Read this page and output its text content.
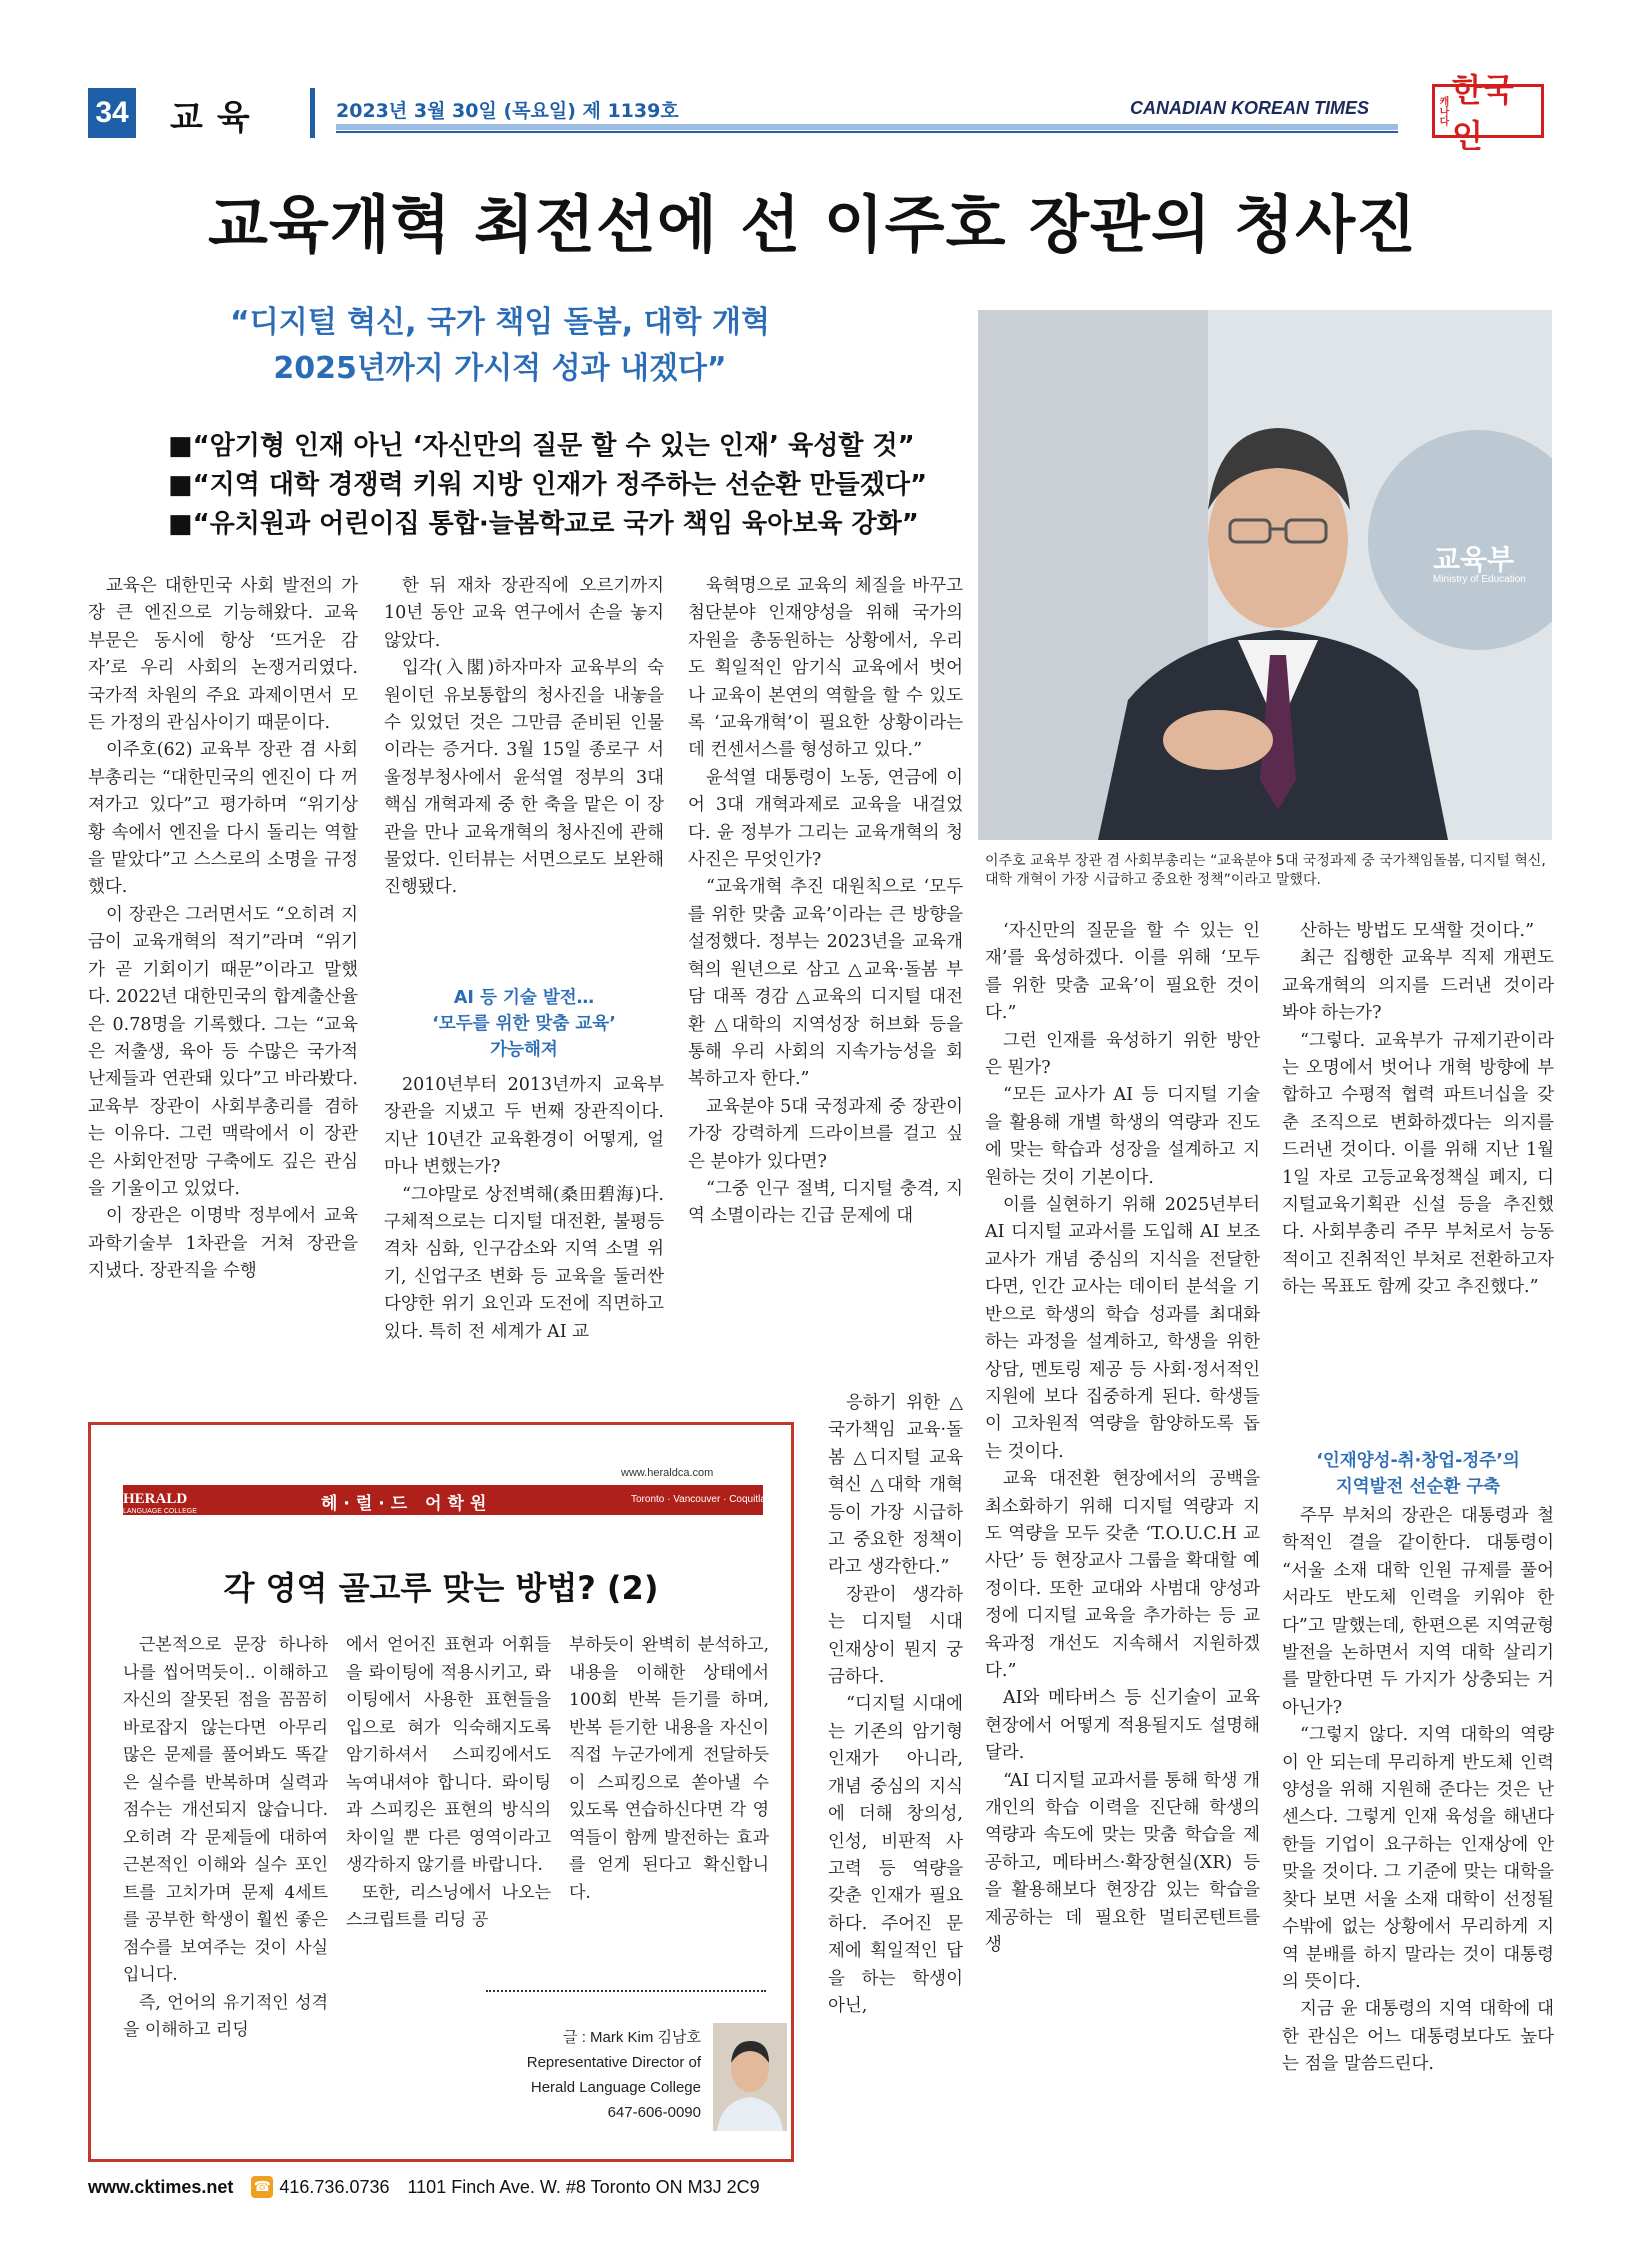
34 교육	2023년 3월 30일 (목요일) 제 1139호	CANADIAN KOREAN TIMES	캐나다
한국인
교육개혁 최전선에 선 이주호 장관의 청사진
“디지털 혁신, 국가 책임 돌봄, 대학 개혁
2025년까지 가시적 성과 내겠다”
■“암기형 인재 아닌 ‘자신만의 질문 할 수 있는 인재’ 육성할 것”
■“지역 대학 경쟁력 키워 지방 인재가 정주하는 선순환 만들겠다”
■“유치원과 어린이집 통합·늘봄학교로 국가 책임 육아보육 강화”
교육부
Ministry of Education
이주호 교육부 장관 겸 사회부총리는 “교육분야 5대 국정과제 중 국가책임돌봄, 디지털 혁신, 대학 개혁이 가장 시급하고 중요한 정책”이라고 말했다.

교육은 대한민국 사회 발전의 가장 큰 엔진으로 기능해왔다. 교육 부문은 동시에 항상 ‘뜨거운 감자’로 우리 사회의 논쟁거리였다. 국가적 차원의 주요 과제이면서 모든 가정의 관심사이기 때문이다.

이주호(62) 교육부 장관 겸 사회부총리는 “대한민국의 엔진이 다 꺼져가고 있다”고 평가하며 “위기상황 속에서 엔진을 다시 돌리는 역할을 맡았다”고 스스로의 소명을 규정했다.

이 장관은 그러면서도 “오히려 지금이 교육개혁의 적기”라며 “위기가 곧 기회이기 때문”이라고 말했다. 2022년 대한민국의 합계출산율은 0.78명을 기록했다. 그는 “교육은 저출생, 육아 등 수많은 국가적 난제들과 연관돼 있다”고 바라봤다. 교육부 장관이 사회부총리를 겸하는 이유다. 그런 맥락에서 이 장관은 사회안전망 구축에도 깊은 관심을 기울이고 있었다.

이 장관은 이명박 정부에서 교육과학기술부 1차관을 거쳐 장관을 지냈다. 장관직을 수행

한 뒤 재차 장관직에 오르기까지 10년 동안 교육 연구에서 손을 놓지 않았다.

입각(入閣)하자마자 교육부의 숙원이던 유보통합의 청사진을 내놓을 수 있었던 것은 그만큼 준비된 인물이라는 증거다. 3월 15일 종로구 서울정부청사에서 윤석열 정부의 3대 핵심 개혁과제 중 한 축을 맡은 이 장관을 만나 교육개혁의 청사진에 관해 물었다. 인터뷰는 서면으로도 보완해 진행됐다.

AI 등 기술 발전…
‘모두를 위한 맞춤 교육’
가능해져

2010년부터 2013년까지 교육부 장관을 지냈고 두 번째 장관직이다. 지난 10년간 교육환경이 어떻게, 얼마나 변했는가?

“그야말로 상전벽해(桑田碧海)다. 구체적으로는 디지털 대전환, 불평등 격차 심화, 인구감소와 지역 소멸 위기, 신업구조 변화 등 교육을 둘러싼 다양한 위기 요인과 도전에 직면하고 있다. 특히 전 세계가 AI 교

육혁명으로 교육의 체질을 바꾸고 첨단분야 인재양성을 위해 국가의 자원을 총동원하는 상황에서, 우리도 획일적인 암기식 교육에서 벗어나 교육이 본연의 역할을 할 수 있도록 ‘교육개혁’이 필요한 상황이라는 데 컨센서스를 형성하고 있다.”

윤석열 대통령이 노동, 연금에 이어 3대 개혁과제로 교육을 내걸었다. 윤 정부가 그리는 교육개혁의 청사진은 무엇인가?

“교육개혁 추진 대원칙으로 ‘모두를 위한 맞춤 교육’이라는 큰 방향을 설정했다. 정부는 2023년을 교육개혁의 원년으로 삼고 △교육·돌봄 부담 대폭 경감 △교육의 디지털 대전환 △대학의 지역성장 허브화 등을 통해 우리 사회의 지속가능성을 회복하고자 한다.”

교육분야 5대 국정과제 중 장관이 가장 강력하게 드라이브를 걸고 싶은 분야가 있다면?

“그중 인구 절벽, 디지털 충격, 지역 소멸이라는 긴급 문제에 대

응하기 위한 △국가책임 교육·돌봄 △디지털 교육혁신 △대학 개혁 등이 가장 시급하고 중요한 정책이라고 생각한다.”

장관이 생각하는 디지털 시대 인재상이 뭔지 궁금하다.

“디지털 시대에는 기존의 암기형 인재가 아니라, 개념 중심의 지식에 더해 창의성, 인성, 비판적 사고력 등 역량을 갖춘 인재가 필요하다. 주어진 문제에 획일적인 답을 하는 학생이 아닌,

‘자신만의 질문을 할 수 있는 인재’를 육성하겠다. 이를 위해 ‘모두를 위한 맞춤 교육’이 필요한 것이다.”

그런 인재를 육성하기 위한 방안은 뭔가?

“모든 교사가 AI 등 디지털 기술을 활용해 개별 학생의 역량과 진도에 맞는 학습과 성장을 설계하고 지원하는 것이 기본이다.

이를 실현하기 위해 2025년부터 AI 디지털 교과서를 도입해 AI 보조교사가 개념 중심의 지식을 전달한다면, 인간 교사는 데이터 분석을 기반으로 학생의 학습 성과를 최대화하는 과정을 설계하고, 학생을 위한 상담, 멘토링 제공 등 사회·정서적인 지원에 보다 집중하게 된다. 학생들이 고차원적 역량을 함양하도록 돕는 것이다.

교육 대전환 현장에서의 공백을 최소화하기 위해 디지털 역량과 지도 역량을 모두 갖춘 ‘T.O.U.C.H 교사단’ 등 현장교사 그룹을 확대할 예정이다. 또한 교대와 사범대 양성과정에 디지털 교육을 추가하는 등 교육과정 개선도 지속해서 지원하겠다.”

AI와 메타버스 등 신기술이 교육 현장에서 어떻게 적용될지도 설명해달라.

“AI 디지털 교과서를 통해 학생 개개인의 학습 이력을 진단해 학생의 역량과 속도에 맞는 맞춤 학습을 제공하고, 메타버스·확장현실(XR) 등을 활용해보다 현장감 있는 학습을 제공하는 데 필요한 멀티콘텐트를 생

산하는 방법도 모색할 것이다.”

최근 집행한 교육부 직제 개편도 교육개혁의 의지를 드러낸 것이라 봐야 하는가?

“그렇다. 교육부가 규제기관이라는 오명에서 벗어나 개혁 방향에 부합하고 수평적 협력 파트너십을 갖춘 조직으로 변화하겠다는 의지를 드러낸 것이다. 이를 위해 지난 1월 1일 자로 고등교육정책실 폐지, 디지털교육기획관 신설 등을 추진했다. 사회부총리 주무 부처로서 능동적이고 진취적인 부처로 전환하고자 하는 목표도 함께 갖고 추진했다.”

‘인재양성-취·창업-정주’의
지역발전 선순환 구축

주무 부처의 장관은 대통령과 철학적인 결을 같이한다. 대통령이 “서울 소재 대학 인원 규제를 풀어서라도 반도체 인력을 키워야 한다”고 말했는데, 한편으론 지역균형발전을 논하면서 지역 대학 살리기를 말한다면 두 가지가 상충되는 거 아닌가?

“그렇지 않다. 지역 대학의 역량이 안 되는데 무리하게 반도체 인력 양성을 위해 지원해 준다는 것은 난센스다. 그렇게 인재 육성을 해낸다 한들 기업이 요구하는 인재상에 안 맞을 것이다. 그 기준에 맞는 대학을 찾다 보면 서울 소재 대학이 선정될 수밖에 없는 상황에서 무리하게 지역 분배를 하지 말라는 것이 대통령의 뜻이다.

지금 윤 대통령의 지역 대학에 대한 관심은 어느 대통령보다도 높다는 점을 말씀드린다.

www.heraldca.com
HERALD
LANGUAGE COLLEGE	헤·럴·드 어학원	Toronto · Vancouver · Coquitlam
각 영역 골고루 맞는 방법? (2)

근본적으로 문장 하나하나를 씹어먹듯이.. 이해하고 자신의 잘못된 점을 꼼꼼히 바로잡지 않는다면 아무리 많은 문제를 풀어봐도 똑같은 실수를 반복하며 실력과 점수는 개선되지 않습니다. 오히려 각 문제들에 대하여 근본적인 이해와 실수 포인트를 고치가며 문제 4세트를 공부한 학생이 훨씬 좋은 점수를 보여주는 것이 사실입니다.

즉, 언어의 유기적인 성격을 이해하고 리딩

에서 얻어진 표현과 어휘들을 롸이팅에 적용시키고, 롸이팅에서 사용한 표현들을 입으로 혀가 익숙해지도록 암기하셔서 스피킹에서도 녹여내셔야 합니다. 롸이팅과 스피킹은 표현의 방식의 차이일 뿐 다른 영역이라고 생각하지 않기를 바랍니다.

또한, 리스닝에서 나오는 스크립트를 리딩 공

부하듯이 완벽히 분석하고, 내용을 이해한 상태에서 100회 반복 듣기를 하며, 반복 듣기한 내용을 자신이 직접 누군가에게 전달하듯이 스피킹으로 쏟아낼 수 있도록 연습하신다면 각 영역들이 함께 발전하는 효과를 얻게 된다고 확신합니다.

글 : Mark Kim 김남호
Representative Director of
Herald Language College
647-606-0090
www.cktimes.net ☎ 416.736.0736 1101 Finch Ave. W. #8 Toronto ON M3J 2C9
